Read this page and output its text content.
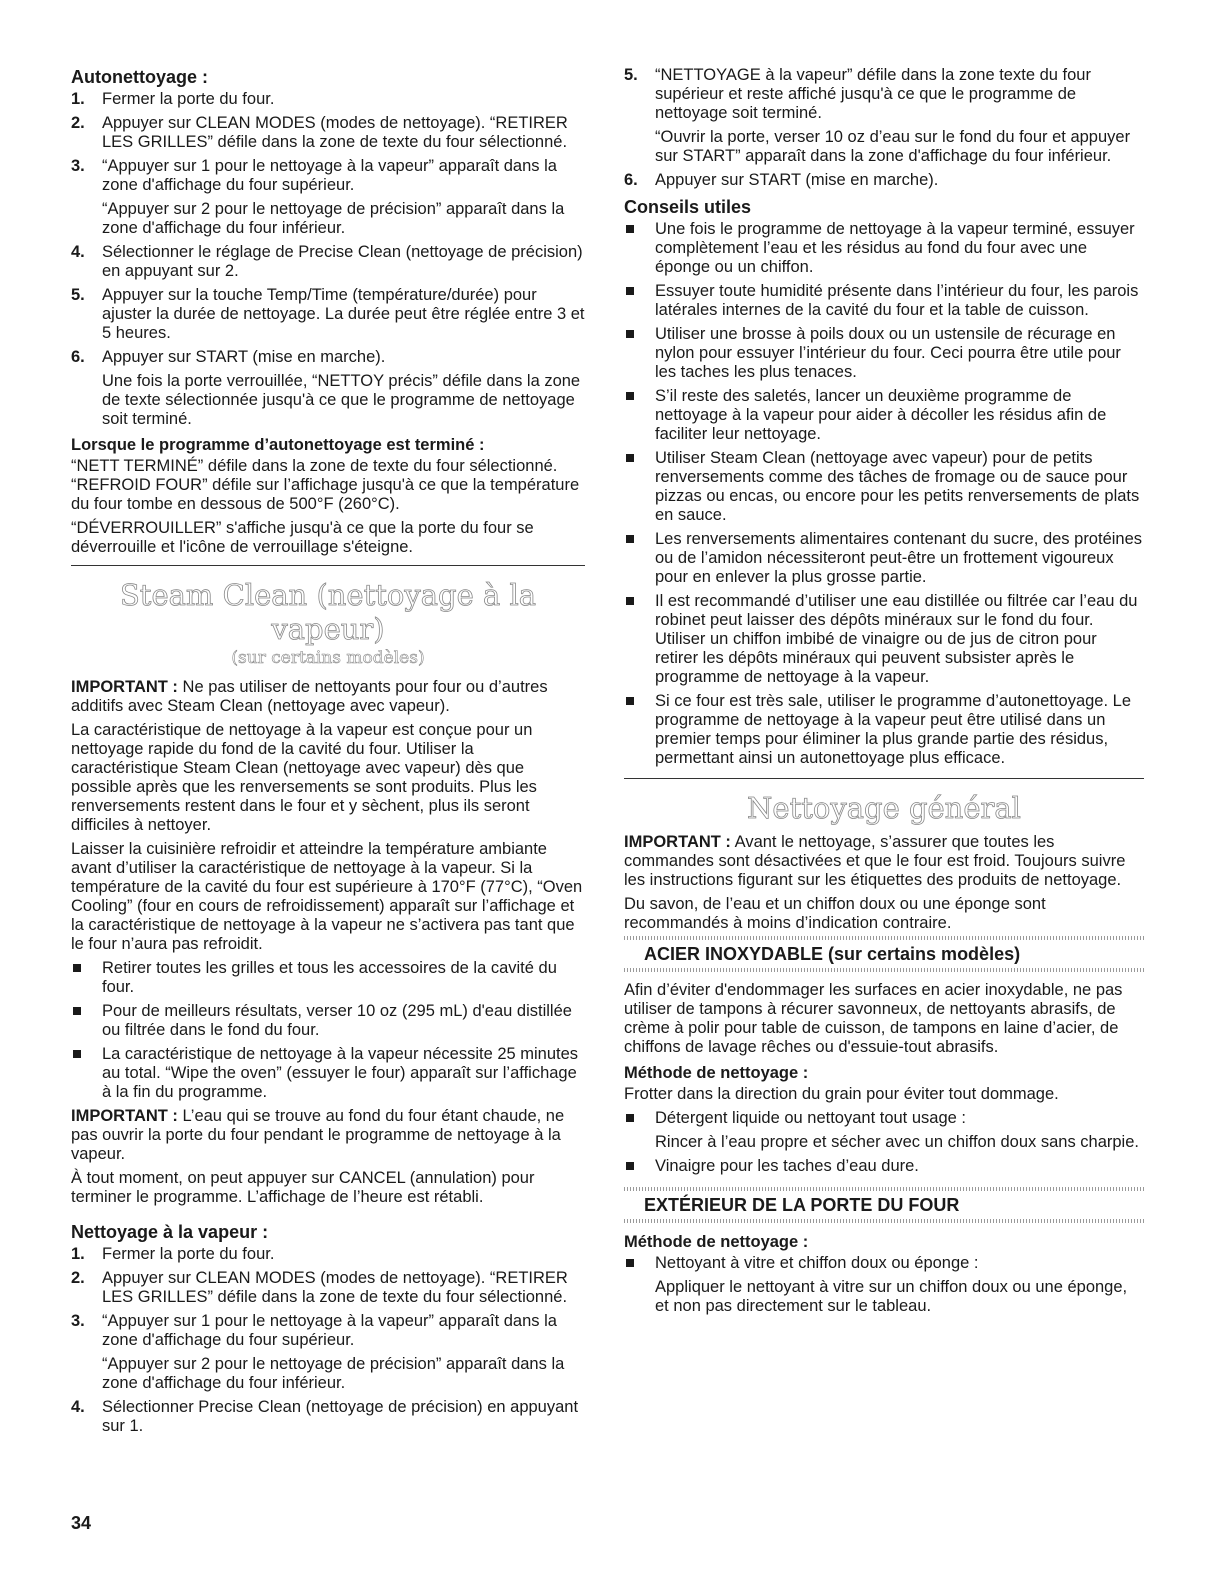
Autonettoyage :
1. Fermer la porte du four.
2. Appuyer sur CLEAN MODES (modes de nettoyage). “RETIRER LES GRILLES” défile dans la zone de texte du four sélectionné.
3. “Appuyer sur 1 pour le nettoyage à la vapeur” apparaît dans la zone d'affichage du four supérieur.
“Appuyer sur 2 pour le nettoyage de précision” apparaît dans la zone d'affichage du four inférieur.
4. Sélectionner le réglage de Precise Clean (nettoyage de précision) en appuyant sur 2.
5. Appuyer sur la touche Temp/Time (température/durée) pour ajuster la durée de nettoyage. La durée peut être réglée entre 3 et 5 heures.
6. Appuyer sur START (mise en marche).
Une fois la porte verrouillée, “NETTOY précis” défile dans la zone de texte sélectionnée jusqu'à ce que le programme de nettoyage soit terminé.
Lorsque le programme d’autonettoyage est terminé :

“NETT TERMINÉ” défile dans la zone de texte du four sélectionné. “REFROID FOUR” défile sur l’affichage jusqu'à ce que la température du four tombe en dessous de 500°F (260°C).

“DÉVERROUILLER” s'affiche jusqu'à ce que la porte du four se déverrouille et l'icône de verrouillage s'éteigne.

Steam Clean (nettoyage à la vapeur)
(sur certains modèles)

IMPORTANT : Ne pas utiliser de nettoyants pour four ou d’autres additifs avec Steam Clean (nettoyage avec vapeur).

La caractéristique de nettoyage à la vapeur est conçue pour un nettoyage rapide du fond de la cavité du four. Utiliser la caractéristique Steam Clean (nettoyage avec vapeur) dès que possible après que les renversements se sont produits. Plus les renversements restent dans le four et y sèchent, plus ils seront difficiles à nettoyer.

Laisser la cuisinière refroidir et atteindre la température ambiante avant d’utiliser la caractéristique de nettoyage à la vapeur. Si la température de la cavité du four est supérieure à 170°F (77°C), “Oven Cooling” (four en cours de refroidissement) apparaît sur l’affichage et la caractéristique de nettoyage à la vapeur ne s’activera pas tant que le four n’aura pas refroidit.

Retirer toutes les grilles et tous les accessoires de la cavité du four.
Pour de meilleurs résultats, verser 10 oz (295 mL) d'eau distillée ou filtrée dans le fond du four.
La caractéristique de nettoyage à la vapeur nécessite 25 minutes au total. “Wipe the oven” (essuyer le four) apparaît sur l’affichage à la fin du programme.

IMPORTANT : L’eau qui se trouve au fond du four étant chaude, ne pas ouvrir la porte du four pendant le programme de nettoyage à la vapeur.

À tout moment, on peut appuyer sur CANCEL (annulation) pour terminer le programme. L’affichage de l’heure est rétabli.

Nettoyage à la vapeur :
1. Fermer la porte du four.
2. Appuyer sur CLEAN MODES (modes de nettoyage). “RETIRER LES GRILLES” défile dans la zone de texte du four sélectionné.
3. “Appuyer sur 1 pour le nettoyage à la vapeur” apparaît dans la zone d'affichage du four supérieur.
“Appuyer sur 2 pour le nettoyage de précision” apparaît dans la zone d'affichage du four inférieur.
4. Sélectionner Precise Clean (nettoyage de précision) en appuyant sur 1.
5. “NETTOYAGE à la vapeur” défile dans la zone texte du four supérieur et reste affiché jusqu'à ce que le programme de nettoyage soit terminé.
“Ouvrir la porte, verser 10 oz d’eau sur le fond du four et appuyer sur START” apparaît dans la zone d'affichage du four inférieur.
6. Appuyer sur START (mise en marche).
Conseils utiles
Une fois le programme de nettoyage à la vapeur terminé, essuyer complètement l’eau et les résidus au fond du four avec une éponge ou un chiffon.
Essuyer toute humidité présente dans l’intérieur du four, les parois latérales internes de la cavité du four et la table de cuisson.
Utiliser une brosse à poils doux ou un ustensile de récurage en nylon pour essuyer l’intérieur du four. Ceci pourra être utile pour les taches les plus tenaces.
S’il reste des saletés, lancer un deuxième programme de nettoyage à la vapeur pour aider à décoller les résidus afin de faciliter leur nettoyage.
Utiliser Steam Clean (nettoyage avec vapeur) pour de petits renversements comme des tâches de fromage ou de sauce pour pizzas ou encas, ou encore pour les petits renversements de plats en sauce.
Les renversements alimentaires contenant du sucre, des protéines ou de l’amidon nécessiteront peut-être un frottement vigoureux pour en enlever la plus grosse partie.
Il est recommandé d’utiliser une eau distillée ou filtrée car l’eau du robinet peut laisser des dépôts minéraux sur le fond du four. Utiliser un chiffon imbibé de vinaigre ou de jus de citron pour retirer les dépôts minéraux qui peuvent subsister après le programme de nettoyage à la vapeur.
Si ce four est très sale, utiliser le programme d’autonettoyage. Le programme de nettoyage à la vapeur peut être utilisé dans un premier temps pour éliminer la plus grande partie des résidus, permettant ainsi un autonettoyage plus efficace.
Nettoyage général

IMPORTANT : Avant le nettoyage, s’assurer que toutes les commandes sont désactivées et que le four est froid. Toujours suivre les instructions figurant sur les étiquettes des produits de nettoyage.

Du savon, de l’eau et un chiffon doux ou une éponge sont recommandés à moins d’indication contraire.

ACIER INOXYDABLE (sur certains modèles)

Afin d’éviter d'endommager les surfaces en acier inoxydable, ne pas utiliser de tampons à récurer savonneux, de nettoyants abrasifs, de crème à polir pour table de cuisson, de tampons en laine d’acier, de chiffons de lavage rêches ou d'essuie-tout abrasifs.

Méthode de nettoyage :

Frotter dans la direction du grain pour éviter tout dommage.

Détergent liquide ou nettoyant tout usage :
Rincer à l’eau propre et sécher avec un chiffon doux sans charpie.
Vinaigre pour les taches d’eau dure.
EXTÉRIEUR DE LA PORTE DU FOUR
Méthode de nettoyage :
Nettoyant à vitre et chiffon doux ou éponge :
Appliquer le nettoyant à vitre sur un chiffon doux ou une éponge, et non pas directement sur le tableau.
34
